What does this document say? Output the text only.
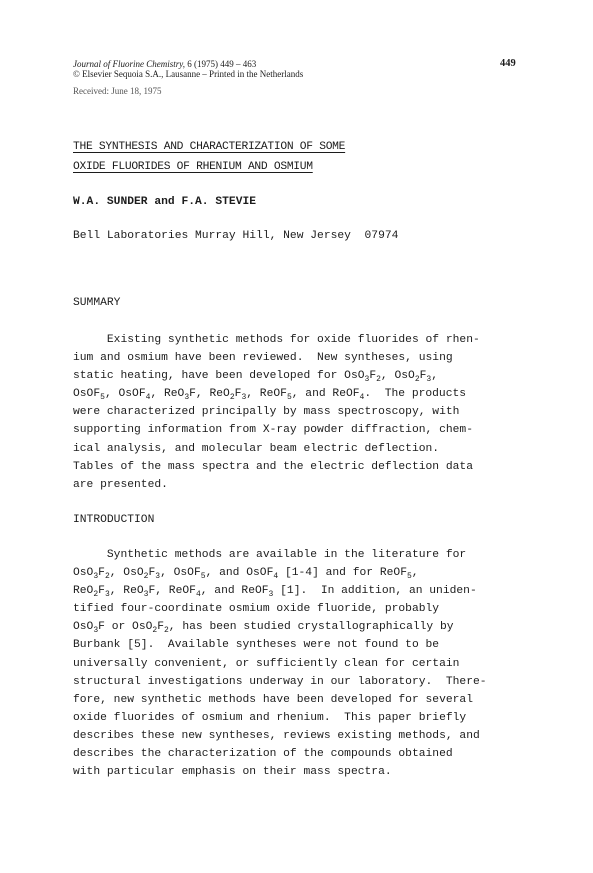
Journal of Fluorine Chemistry, 6 (1975) 449 – 463
© Elsevier Sequoia S.A., Lausanne – Printed in the Netherlands
449
Received: June 18, 1975
THE SYNTHESIS AND CHARACTERIZATION OF SOME
OXIDE FLUORIDES OF RHENIUM AND OSMIUM
W.A. SUNDER and F.A. STEVIE
Bell Laboratories Murray Hill, New Jersey  07974
SUMMARY
Existing synthetic methods for oxide fluorides of rhen-
ium and osmium have been reviewed.  New syntheses, using
static heating, have been developed for $OsO_3F_2$, $OsO_2F_3$,
OsOF$_5$, OsOF$_4$, ReO$_3$F, $ReO_2F_3$, ReOF$_5$, and ReOF$_4$.  The products
were characterized principally by mass spectroscopy, with
supporting information from X-ray powder diffraction, chem-
ical analysis, and molecular beam electric deflection.
Tables of the mass spectra and the electric deflection data
are presented.
INTRODUCTION
Synthetic methods are available in the literature for
$OsO_3F_2$, $OsO_2F_3$, OsOF$_5$, and OsOF$_4$ [1-4] and for ReOF$_5$,
$ReO_2F_3$, ReO$_3$F, ReOF$_4$, and ReOF$_3$ [1].  In addition, an uniden-
tified four-coordinate osmium oxide fluoride, probably
OsO$_3$F or $OsO_2F_2$, has been studied crystallographically by
Burbank [5].  Available syntheses were not found to be
universally convenient, or sufficiently clean for certain
structural investigations underway in our laboratory.  There-
fore, new synthetic methods have been developed for several
oxide fluorides of osmium and rhenium.  This paper briefly
describes these new syntheses, reviews existing methods, and
describes the characterization of the compounds obtained
with particular emphasis on their mass spectra.
